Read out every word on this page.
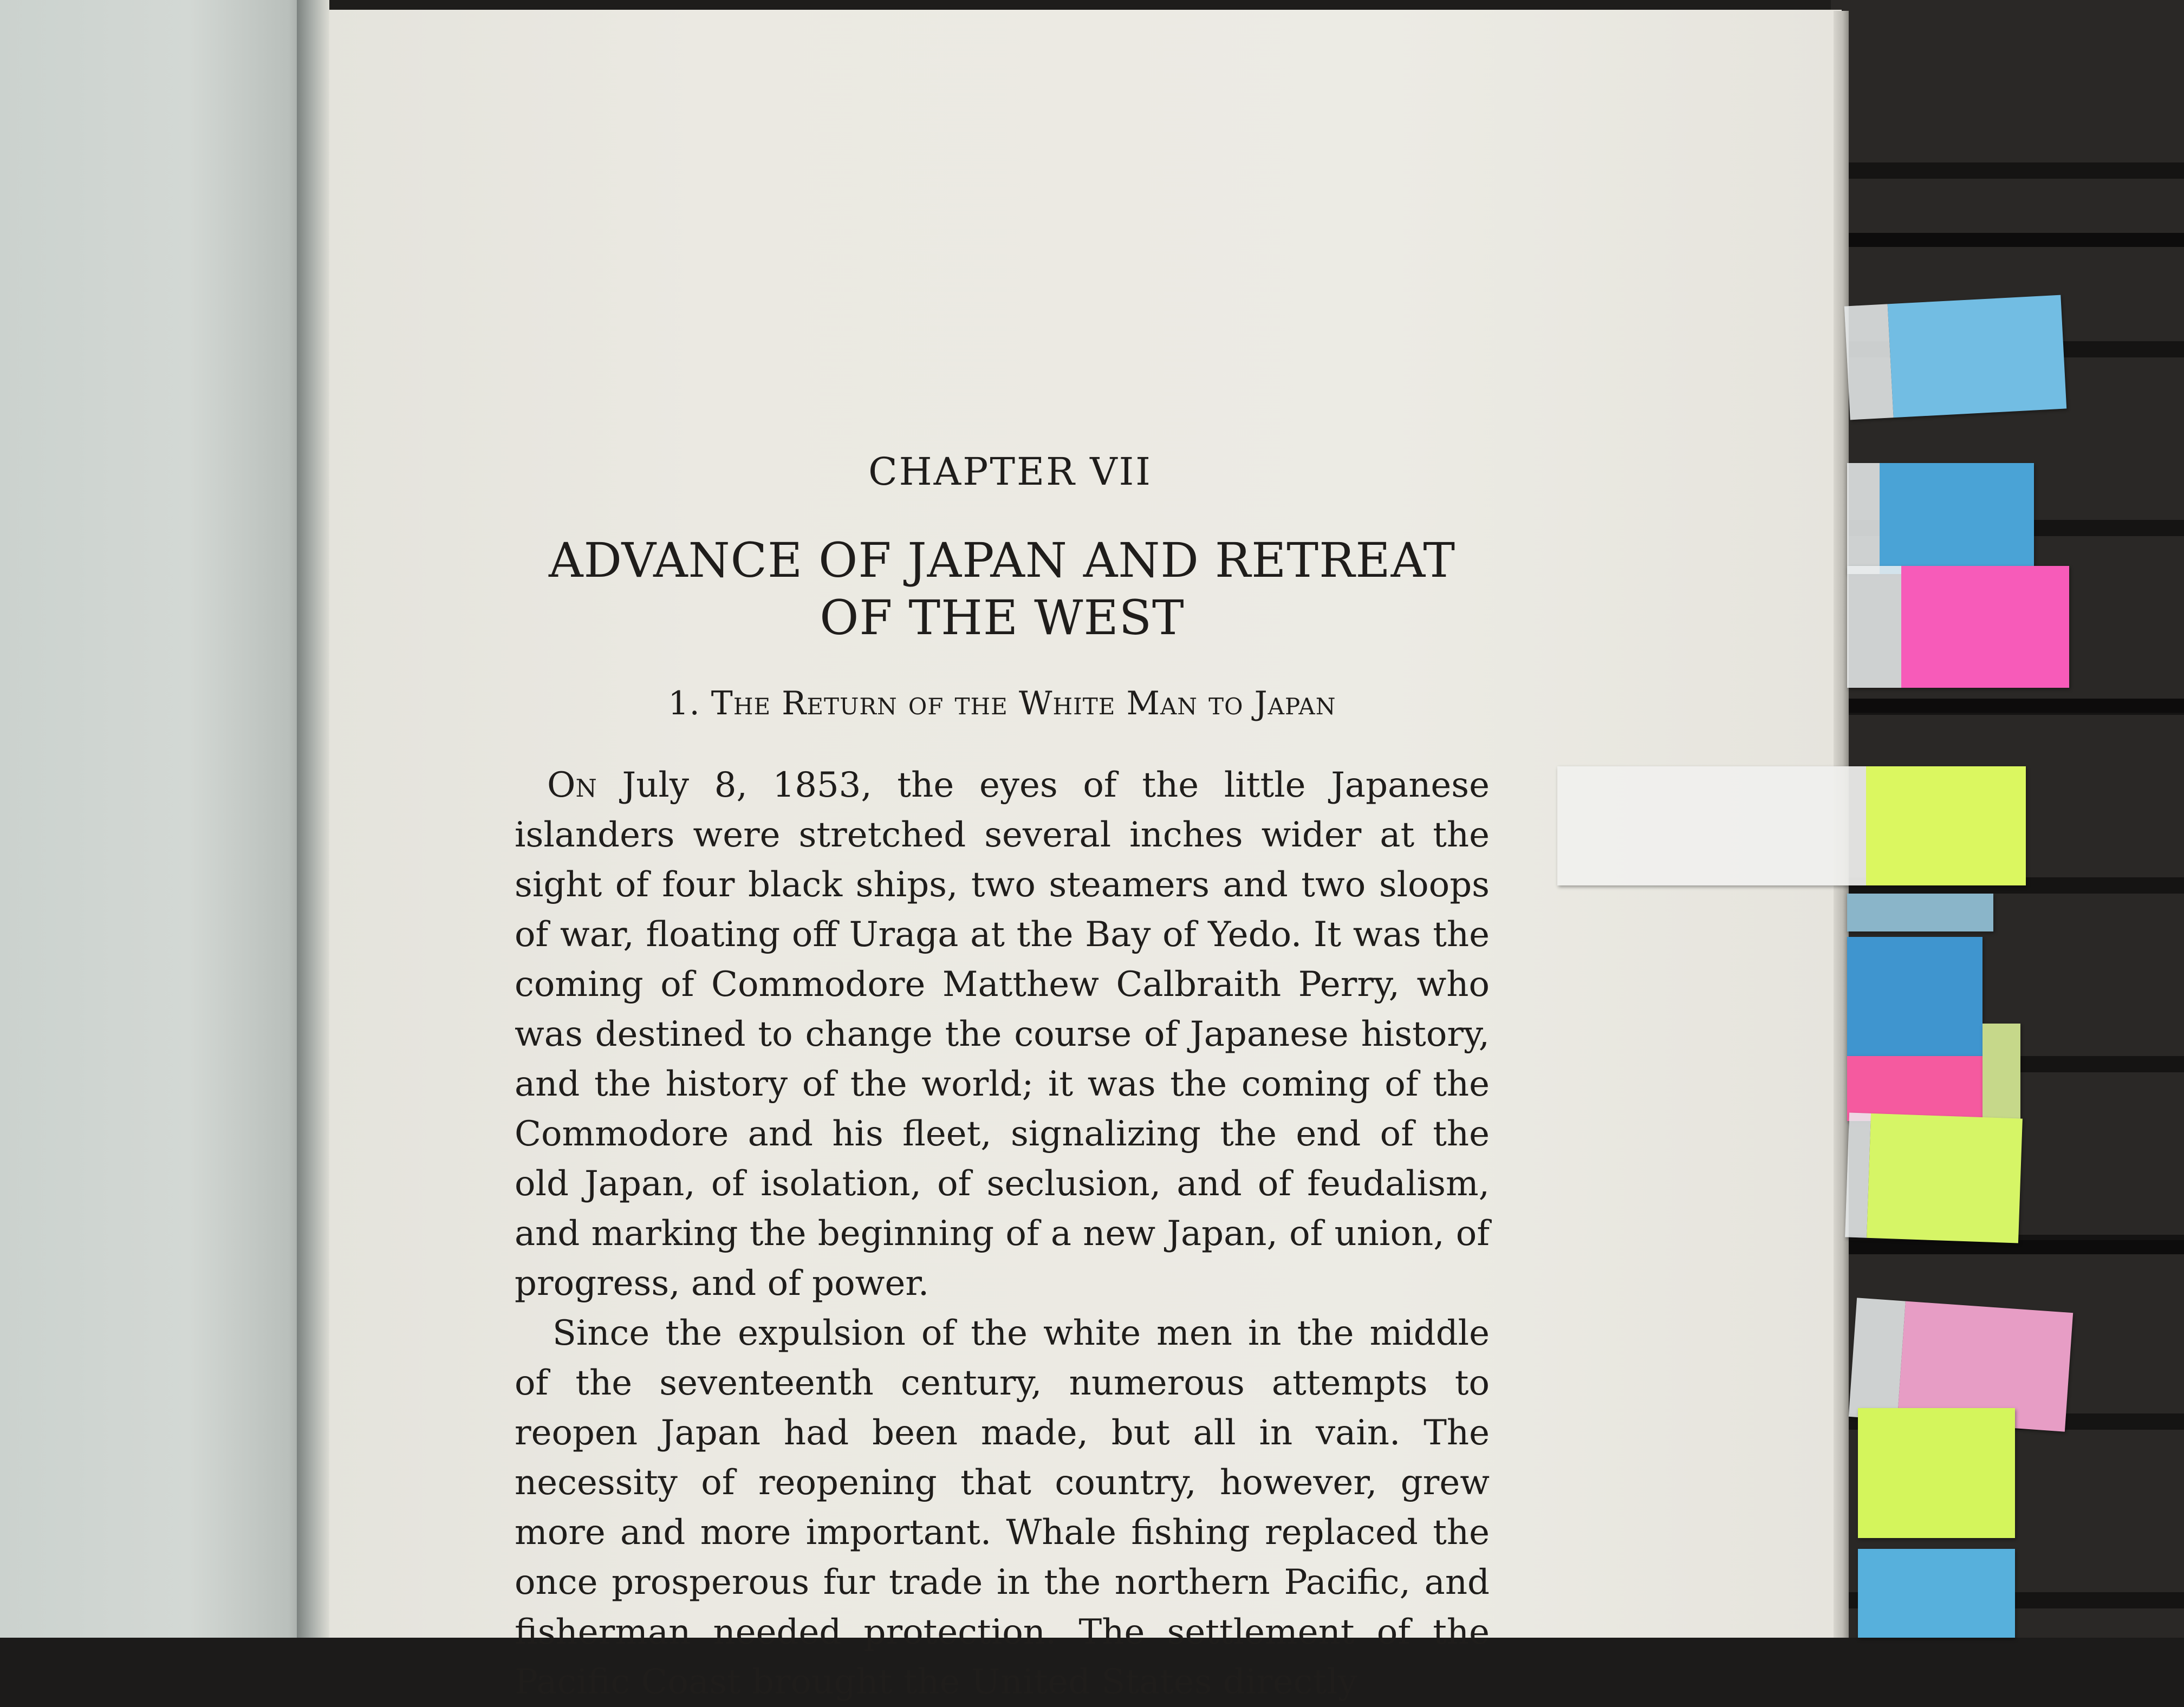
CHAPTER VII
ADVANCE OF JAPAN AND RETREAT
OF THE WEST
1. The Return of the White Man to Japan

On July 8, 1853, the eyes of the little Japanese islanders were stretched several inches wider at the sight of four black ships, two steamers and two sloops of war, floating off Uraga at the Bay of Yedo. It was the coming of Commodore Matthew Calbraith Perry, who was destined to change the course of Japanese history, and the history of the world; it was the coming of the Commodore and his fleet, signalizing the end of the old Japan, of isolation, of seclusion, and of feudalism, and marking the beginning of a new Japan, of union, of progress, and of power.

Since the expulsion of the white men in the middle of the seventeenth century, numerous attempts to reopen Japan had been made, but all in vain. The necessity of reopening that country, however, grew more and more important. Whale fishing replaced the once prosperous fur trade in the northern Pacific, and fisherman needed protection. The settlement of the Pacific Coast brought the United States directly
